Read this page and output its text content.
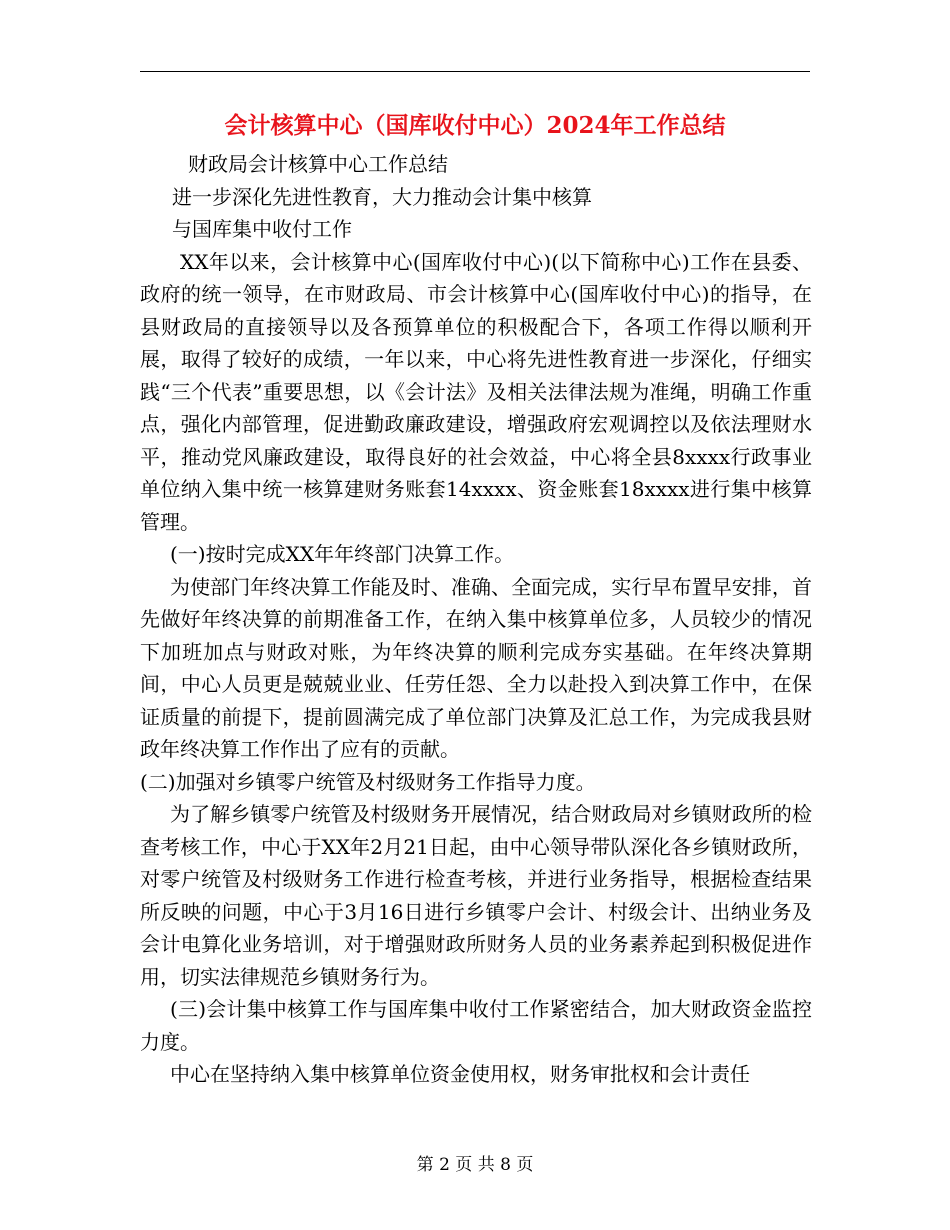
会计核算中心（国库收付中心）2024年工作总结

财政局会计核算中心工作总结

进一步深化先进性教育，大力推动会计集中核算

与国库集中收付工作

XX年以来，会计核算中心(国库收付中心)(以下简称中心)工作在县委、政府的统一领导，在市财政局、市会计核算中心(国库收付中心)的指导，在县财政局的直接领导以及各预算单位的积极配合下，各项工作得以顺利开展，取得了较好的成绩，一年以来，中心将先进性教育进一步深化，仔细实践“三个代表”重要思想，以《会计法》及相关法律法规为准绳，明确工作重点，强化内部管理，促进勤政廉政建设，增强政府宏观调控以及依法理财水平，推动党风廉政建设，取得良好的社会效益，中心将全县8xxxx行政事业单位纳入集中统一核算建财务账套14xxxx、资金账套18xxxx进行集中核算管理。

(一)按时完成XX年年终部门决算工作。

为使部门年终决算工作能及时、准确、全面完成，实行早布置早安排，首先做好年终决算的前期准备工作，在纳入集中核算单位多，人员较少的情况下加班加点与财政对账，为年终决算的顺利完成夯实基础。在年终决算期间，中心人员更是兢兢业业、任劳任怨、全力以赴投入到决算工作中，在保证质量的前提下，提前圆满完成了单位部门决算及汇总工作，为完成我县财政年终决算工作作出了应有的贡献。

(二)加强对乡镇零户统管及村级财务工作指导力度。

为了解乡镇零户统管及村级财务开展情况，结合财政局对乡镇财政所的检查考核工作，中心于XX年2月21日起，由中心领导带队深化各乡镇财政所，对零户统管及村级财务工作进行检查考核，并进行业务指导，根据检查结果所反映的问题，中心于3月16日进行乡镇零户会计、村级会计、出纳业务及会计电算化业务培训，对于增强财政所财务人员的业务素养起到积极促进作用，切实法律规范乡镇财务行为。

(三)会计集中核算工作与国库集中收付工作紧密结合，加大财政资金监控力度。

中心在坚持纳入集中核算单位资金使用权，财务审批权和会计责任

第 2 页 共 8 页
